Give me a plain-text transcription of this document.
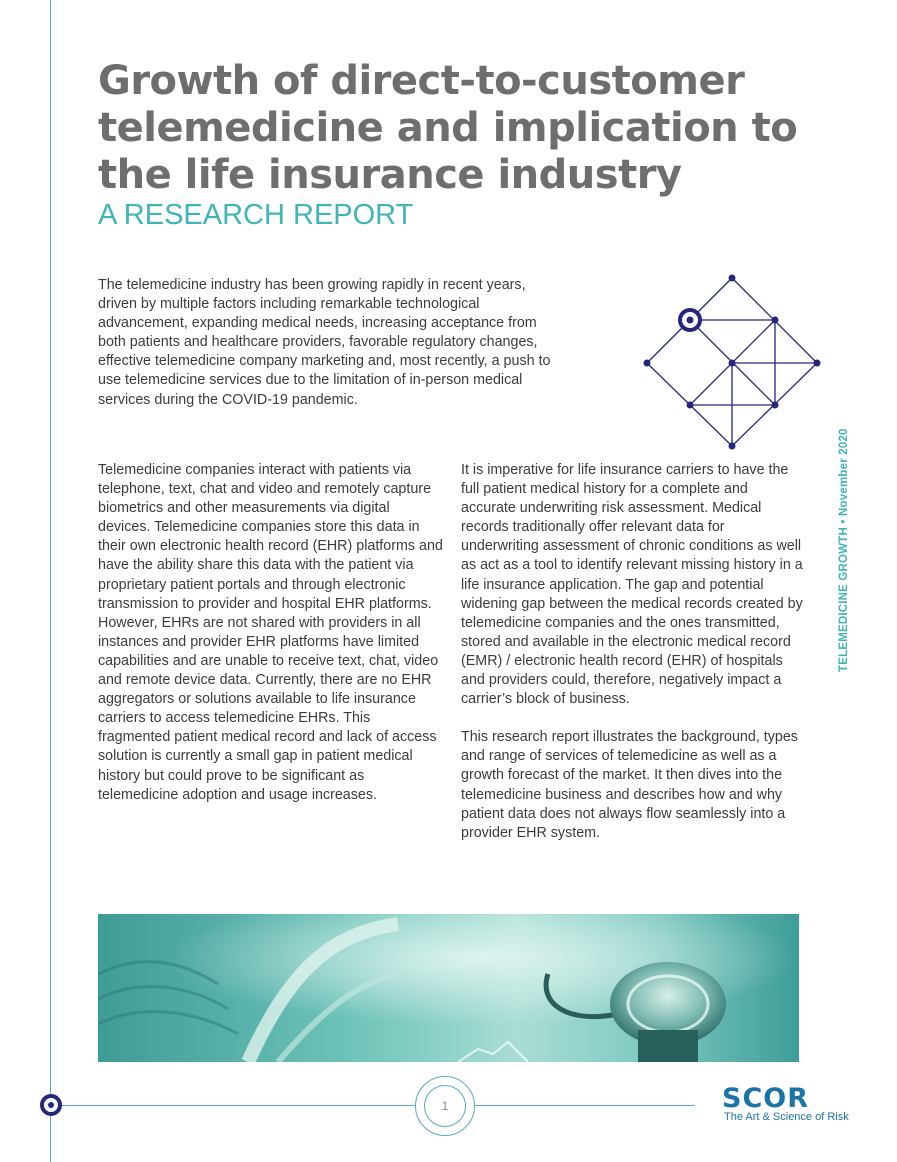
Growth of direct-to-customer telemedicine and implication to the life insurance industry
A RESEARCH REPORT

The telemedicine industry has been growing rapidly in recent years, driven by multiple factors including remarkable technological advancement, expanding medical needs, increasing acceptance from both patients and healthcare providers, favorable regulatory changes, effective telemedicine company marketing and, most recently, a push to use telemedicine services due to the limitation of in-person medical services during the COVID-19 pandemic.

Telemedicine companies interact with patients via telephone, text, chat and video and remotely capture biometrics and other measurements via digital devices. Telemedicine companies store this data in their own electronic health record (EHR) platforms and have the ability share this data with the patient via proprietary patient portals and through electronic transmission to provider and hospital EHR platforms. However, EHRs are not shared with providers in all instances and provider EHR platforms have limited capabilities and are unable to receive text, chat, video and remote device data. Currently, there are no EHR aggregators or solutions available to life insurance carriers to access telemedicine EHRs. This fragmented patient medical record and lack of access solution is currently a small gap in patient medical history but could prove to be significant as telemedicine adoption and usage increases.

It is imperative for life insurance carriers to have the full patient medical history for a complete and accurate underwriting risk assessment. Medical records traditionally offer relevant data for underwriting assessment of chronic conditions as well as act as a tool to identify relevant missing history in a life insurance application. The gap and potential widening gap between the medical records created by telemedicine companies and the ones transmitted, stored and available in the electronic medical record (EMR) / electronic health record (EHR) of hospitals and providers could, therefore, negatively impact a carrier’s block of business.

This research report illustrates the background, types and range of services of telemedicine as well as a growth forecast of the market. It then dives into the telemedicine business and describes how and why patient data does not always flow seamlessly into a provider EHR system.

TELEMEDICINE GROWTH • November 2020
1	SCOR
The Art & Science of Risk
